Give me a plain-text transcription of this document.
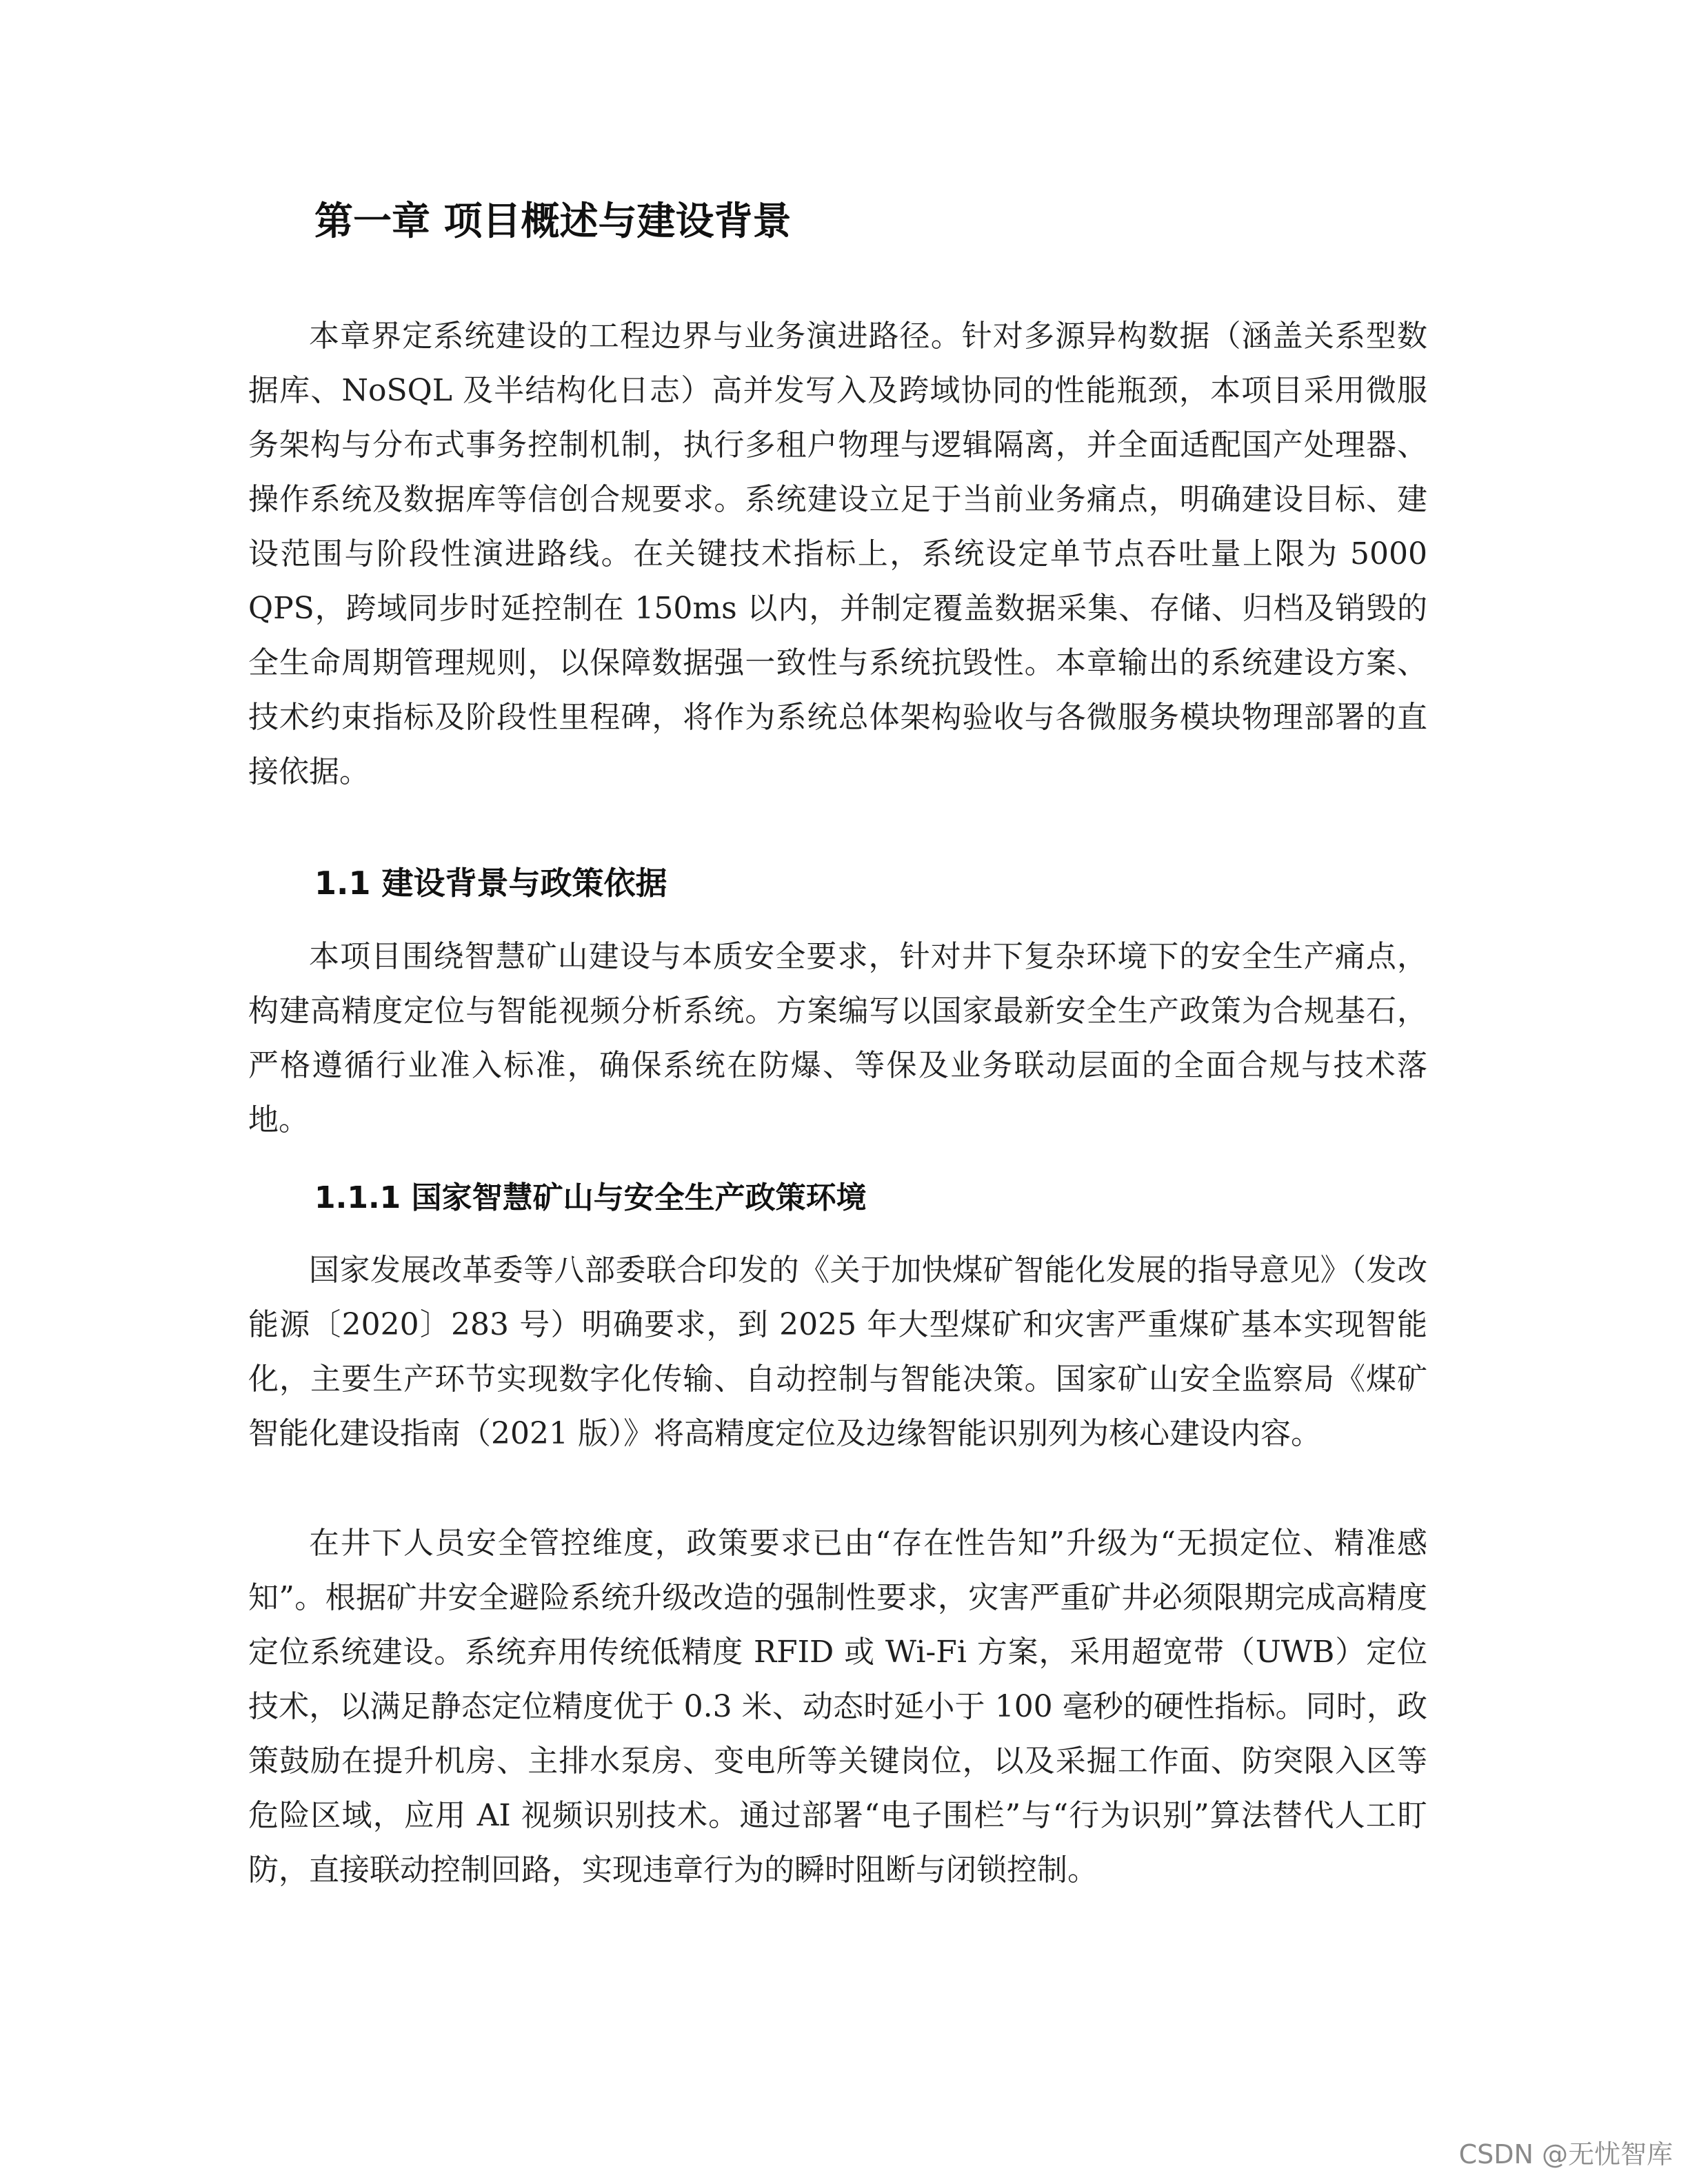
第一章 项目概述与建设背景

本章界定系统建设的工程边界与业务演进路径。针对多源异构数据（涵盖关系型数据库、NoSQL 及半结构化日志）高并发写入及跨域协同的性能瓶颈，本项目采用微服务架构与分布式事务控制机制，执行多租户物理与逻辑隔离，并全面适配国产处理器、操作系统及数据库等信创合规要求。系统建设立足于当前业务痛点，明确建设目标、建设范围与阶段性演进路线。在关键技术指标上，系统设定单节点吞吐量上限为 5000 QPS，跨域同步时延控制在 150ms 以内，并制定覆盖数据采集、存储、归档及销毁的全生命周期管理规则，以保障数据强一致性与系统抗毁性。本章输出的系统建设方案、技术约束指标及阶段性里程碑，将作为系统总体架构验收与各微服务模块物理部署的直接依据。

1.1 建设背景与政策依据

本项目围绕智慧矿山建设与本质安全要求，针对井下复杂环境下的安全生产痛点，构建高精度定位与智能视频分析系统。方案编写以国家最新安全生产政策为合规基石，严格遵循行业准入标准，确保系统在防爆、等保及业务联动层面的全面合规与技术落地。

1.1.1 国家智慧矿山与安全生产政策环境

国家发展改革委等八部委联合印发的《关于加快煤矿智能化发展的指导意见》（发改能源〔2020〕283 号）明确要求，到 2025 年大型煤矿和灾害严重煤矿基本实现智能化，主要生产环节实现数字化传输、自动控制与智能决策。国家矿山安全监察局《煤矿智能化建设指南（2021 版）》将高精度定位及边缘智能识别列为核心建设内容。

在井下人员安全管控维度，政策要求已由“存在性告知”升级为“无损定位、精准感知”。根据矿井安全避险系统升级改造的强制性要求，灾害严重矿井必须限期完成高精度定位系统建设。系统弃用传统低精度 RFID 或 Wi-Fi 方案，采用超宽带（UWB）定位技术，以满足静态定位精度优于 0.3 米、动态时延小于 100 毫秒的硬性指标。同时，政策鼓励在提升机房、主排水泵房、变电所等关键岗位，以及采掘工作面、防突限入区等危险区域，应用 AI 视频识别技术。通过部署“电子围栏”与“行为识别”算法替代人工盯防，直接联动控制回路，实现违章行为的瞬时阻断与闭锁控制。

CSDN @无忧智库
